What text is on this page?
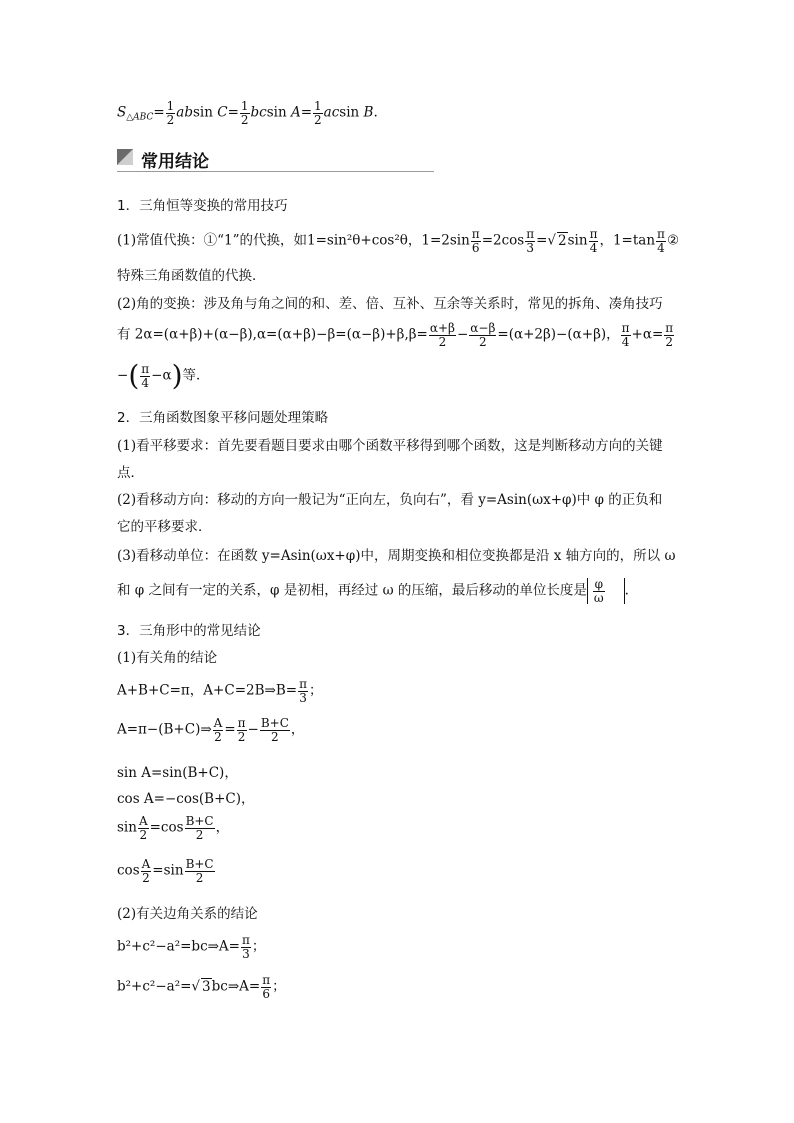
$S_{\triangle ABC}= \frac{1}{2}$ absin $C= \frac{1}{2}$ bcsin $A= \frac{1}{2}$ acsin B.
常用结论
1．三角恒等变换的常用技巧
(1)常值代换：①“1”的代换，如1=sin²θ+cos²θ，$1=2\sin \frac{\pi}{6} =2\cos \frac{\pi}{3}$ =√ $2\sin \frac{\pi}{4}$ ，$1=\tan \frac{\pi}{4}$ ②
特殊三角函数值的代换．
(2)角的变换：涉及角与角之间的和、差、倍、互补、互余等关系时，常见的拆角、凑角技巧
有 $2\alpha=(\alpha+\beta)+(\alpha-\beta),\alpha=(\alpha+\beta)-\beta=(\alpha-\beta)+\beta,\beta= \frac{\alpha+\beta}{2} - \frac{\alpha-\beta}{2} =(\alpha+2\beta)-(\alpha+\beta)$， $\frac{\pi}{4} +\alpha= \frac{\pi}{2}$
−( $\frac{\pi}{4} -\alpha$)等．
2．三角函数图象平移问题处理策略
(1)看平移要求：首先要看题目要求由哪个函数平移得到哪个函数，这是判断移动方向的关键
点．
(2)看移动方向：移动的方向一般记为“正向左，负向右”，看 y=Asin(ωx+φ)中 φ 的正负和
它的平移要求．
(3)看移动单位：在函数 y=Asin(ωx+φ)中，周期变换和相位变换都是沿 x 轴方向的，所以 ω
和 φ 之间有一定的关系，φ 是初相，再经过 ω 的压缩，最后移动的单位长度是 $\frac{\varphi}{\omega}$ .
3．三角形中的常见结论
(1)有关角的结论
A+B+C=π，A+C=2B⇒B= $\frac{\pi}{3}$ ；
A=π−(B+C)⇒ $\frac{A}{2} = \frac{\pi}{2} - \frac{B+C}{2}$ ，
sin A=sin(B+C)，
cos A=−cos(B+C)，
$\sin \frac{A}{2} =\cos \frac{B+C}{2}$ ，
$\cos \frac{A}{2} =\sin \frac{B+C}{2}$
(2)有关边角关系的结论
b²+c²−a²=bc⇒A= $\frac{\pi}{3}$ ；
b²+c²−a²=√ 3bc⇒A= $\frac{\pi}{6}$ ；
